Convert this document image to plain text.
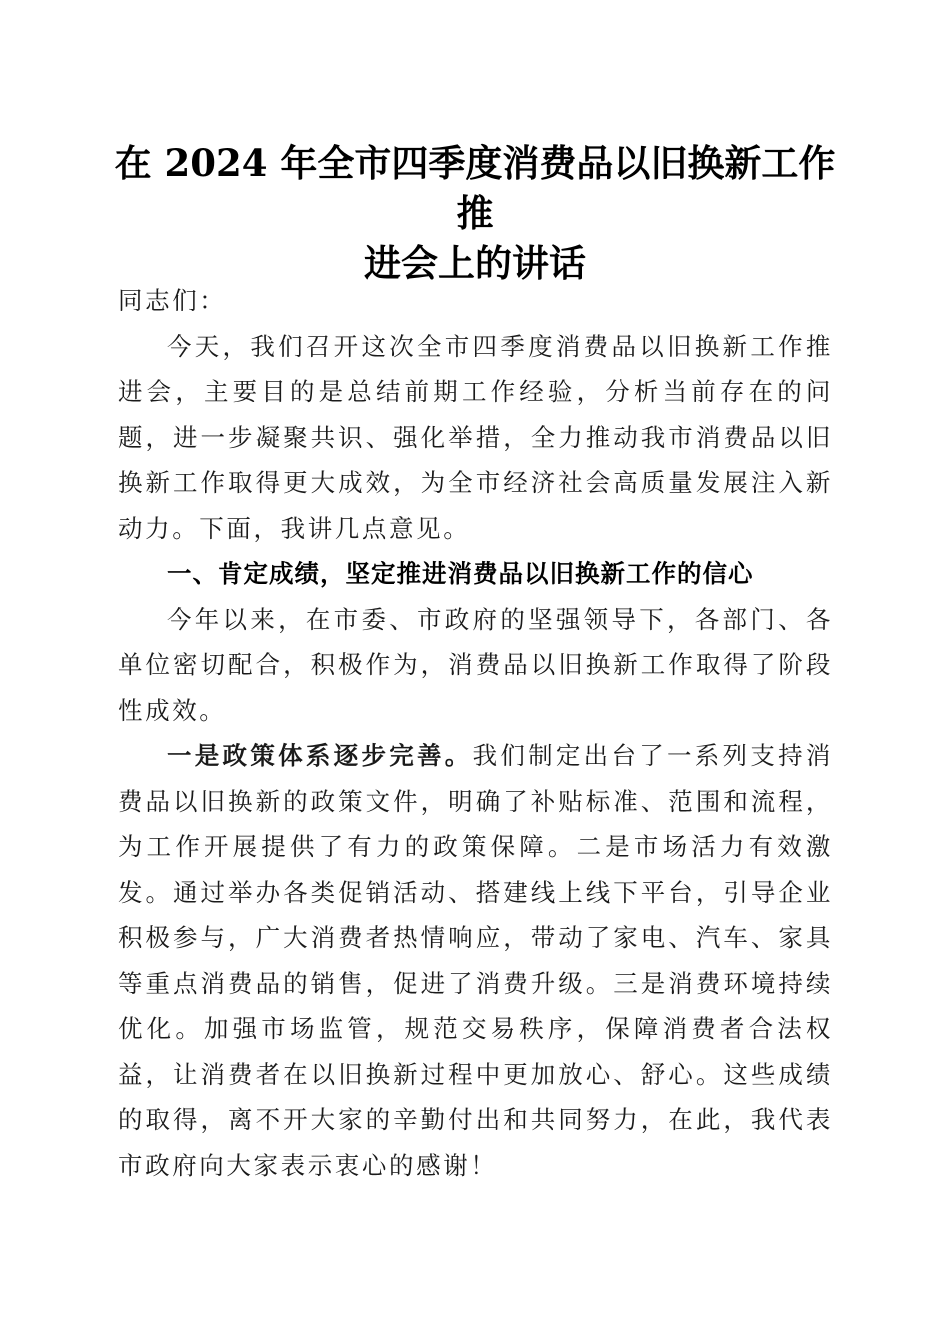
在 2024 年全市四季度消费品以旧换新工作推
进会上的讲话

同志们：

今天，我们召开这次全市四季度消费品以旧换新工作推进会，主要目的是总结前期工作经验，分析当前存在的问题，进一步凝聚共识、强化举措，全力推动我市消费品以旧换新工作取得更大成效，为全市经济社会高质量发展注入新动力。下面，我讲几点意见。

一、肯定成绩，坚定推进消费品以旧换新工作的信心

今年以来，在市委、市政府的坚强领导下，各部门、各单位密切配合，积极作为，消费品以旧换新工作取得了阶段性成效。

一是政策体系逐步完善。我们制定出台了一系列支持消费品以旧换新的政策文件，明确了补贴标准、范围和流程，为工作开展提供了有力的政策保障。二是市场活力有效激发。通过举办各类促销活动、搭建线上线下平台，引导企业积极参与，广大消费者热情响应，带动了家电、汽车、家具等重点消费品的销售，促进了消费升级。三是消费环境持续优化。加强市场监管，规范交易秩序，保障消费者合法权益，让消费者在以旧换新过程中更加放心、舒心。这些成绩的取得，离不开大家的辛勤付出和共同努力，在此，我代表市政府向大家表示衷心的感谢！
